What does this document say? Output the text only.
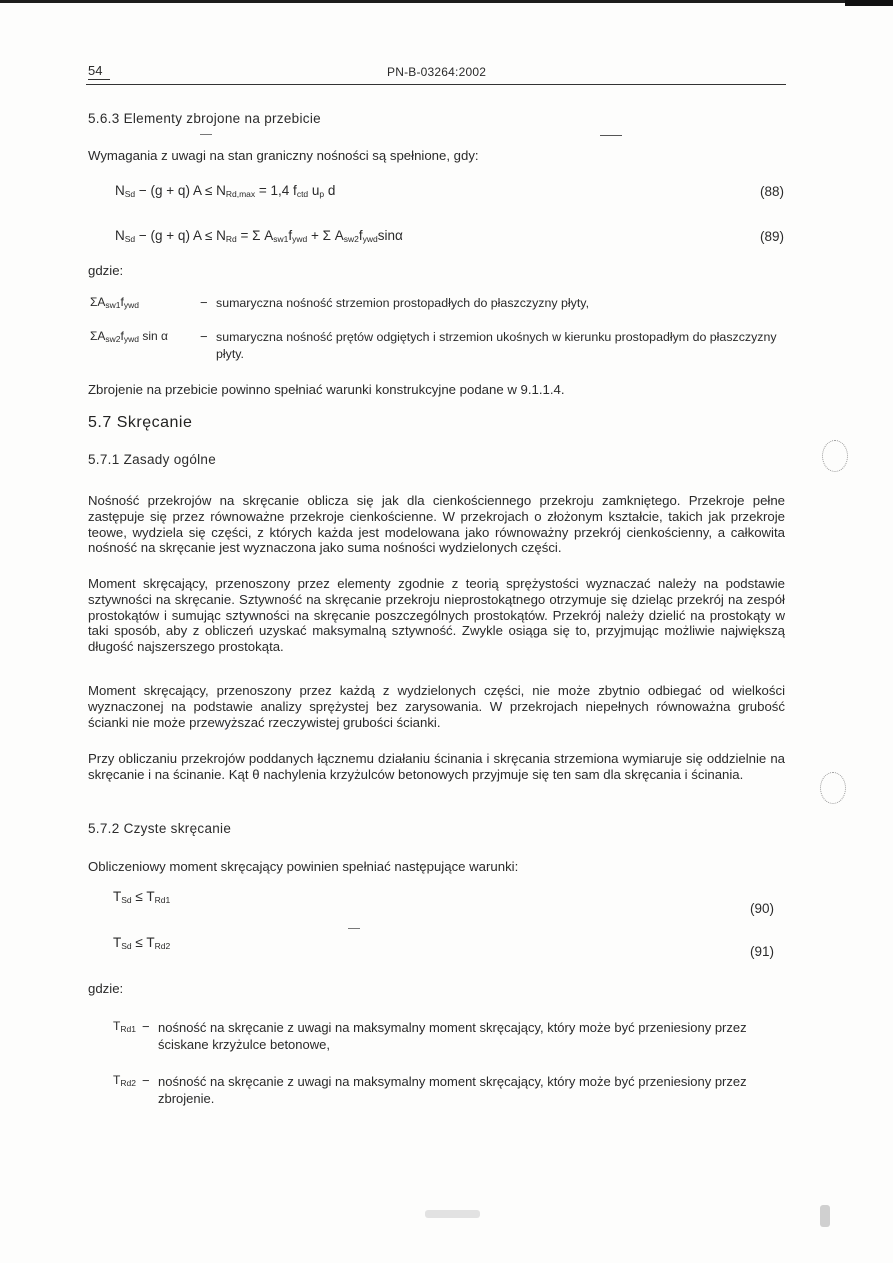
54	PN-B-03264:2002
5.6.3 Elementy zbrojone na przebicie
Wymagania z uwagi na stan graniczny nośności są spełnione, gdy:
$N_{Sd} - (g + q) A \le N_{Rd,max} = 1,4$ $f_{ctd}$ $u_p$ d	(88)
$N_{Sd} - (g + q) A \le N_{Rd} = \Sigma$ $A_{sw1}f_{ywd} + \Sigma$ $A_{sw2}f_{ywd}\sin\alpha$	(89)
gdzie:
$\Sigma A_{sw1}f_{ywd}$	− sumaryczna nośność strzemion prostopadłych do płaszczyzny płyty,
$\Sigma A_{sw2}f_{ywd}$ sin α − sumaryczna nośność prętów odgiętych i strzemion ukośnych w kierunku prostopadłym do płaszczyzny płyty.
Zbrojenie na przebicie powinno spełniać warunki konstrukcyjne podane w 9.1.1.4.
5.7 Skręcanie
5.7.1 Zasady ogólne
Nośność przekrojów na skręcanie oblicza się jak dla cienkościennego przekroju zamkniętego. Przekroje pełne zastępuje się przez równoważne przekroje cienkościenne. W przekrojach o złożonym kształcie, takich jak przekroje teowe, wydziela się części, z których każda jest modelowana jako równoważny przekrój cienkościenny, a całkowita nośność na skręcanie jest wyznaczona jako suma nośności wydzielonych części.
Moment skręcający, przenoszony przez elementy zgodnie z teorią sprężystości wyznaczać należy na podstawie sztywności na skręcanie. Sztywność na skręcanie przekroju nieprostokątnego otrzymuje się dzieląc przekrój na zespół prostokątów i sumując sztywności na skręcanie poszczególnych prostokątów. Przekrój należy dzielić na prostokąty w taki sposób, aby z obliczeń uzyskać maksymalną sztywność. Zwykle osiąga się to, przyjmując możliwie największą długość najszerszego prostokąta.
Moment skręcający, przenoszony przez każdą z wydzielonych części, nie może zbytnio odbiegać od wielkości wyznaczonej na podstawie analizy sprężystej bez zarysowania. W przekrojach niepełnych równoważna grubość ścianki nie może przewyższać rzeczywistej grubości ścianki.
Przy obliczaniu przekrojów poddanych łącznemu działaniu ścinania i skręcania strzemiona wymiaruje się oddzielnie na skręcanie i na ścinanie. Kąt θ nachylenia krzyżulców betonowych przyjmuje się ten sam dla skręcania i ścinania.
5.7.2 Czyste skręcanie
Obliczeniowy moment skręcający powinien spełniać następujące warunki:
$T_{Sd} \le T_{Rd1}$
(90)
$T_{Sd} \le T_{Rd2}$	(91)
gdzie:
$T_{Rd1}$ − nośność na skręcanie z uwagi na maksymalny moment skręcający, który może być przeniesiony przez ściskane krzyżulce betonowe,
$T_{Rd2}$ − nośność na skręcanie z uwagi na maksymalny moment skręcający, który może być przeniesiony przez zbrojenie.
